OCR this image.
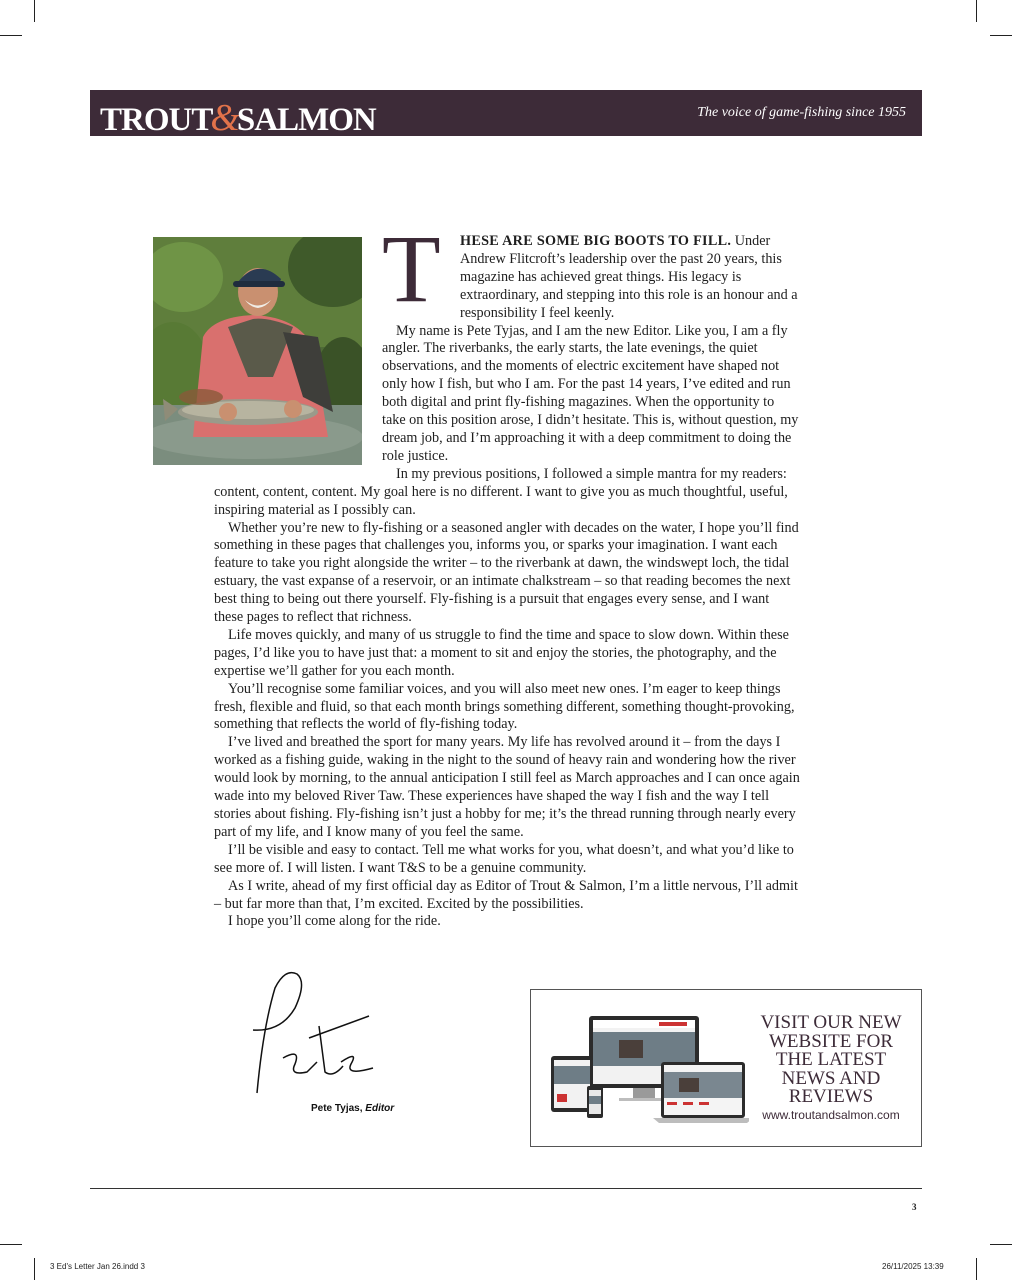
TROUT&SALMON	The voice of game-fishing since 1955

T	HESE ARE SOME BIG BOOTS TO FILL. Under Andrew Flitcroft’s leadership over the past 20 years, this magazine has achieved great things. His legacy is extraordinary, and stepping into this role is an honour and a responsibility I feel keenly.

My name is Pete Tyjas, and I am the new Editor. Like you, I am a fly angler. The riverbanks, the early starts, the late evenings, the quiet observations, and the moments of electric excitement have shaped not only how I fish, but who I am. For the past 14 years, I’ve edited and run both digital and print fly-fishing magazines. When the opportunity to take on this position arose, I didn’t hesitate. This is, without question, my dream job, and I’m approaching it with a deep commitment to doing the role justice.

In my previous positions, I followed a simple mantra for my readers: content, content, content. My goal here is no different. I want to give you as much thoughtful, useful, inspiring material as I possibly can.

Whether you’re new to fly-fishing or a seasoned angler with decades on the water, I hope you’ll find something in these pages that challenges you, informs you, or sparks your imagination. I want each feature to take you right alongside the writer – to the riverbank at dawn, the windswept loch, the tidal estuary, the vast expanse of a reservoir, or an intimate chalkstream – so that reading becomes the next best thing to being out there yourself. Fly-fishing is a pursuit that engages every sense, and I want these pages to reflect that richness.

Life moves quickly, and many of us struggle to find the time and space to slow down. Within these pages, I’d like you to have just that: a moment to sit and enjoy the stories, the photography, and the expertise we’ll gather for you each month.

You’ll recognise some familiar voices, and you will also meet new ones. I’m eager to keep things fresh, flexible and fluid, so that each month brings something different, something thought-provoking, something that reflects the world of fly-fishing today.

I’ve lived and breathed the sport for many years. My life has revolved around it – from the days I worked as a fishing guide, waking in the night to the sound of heavy rain and wondering how the river would look by morning, to the annual anticipation I still feel as March approaches and I can once again wade into my beloved River Taw. These experiences have shaped the way I fish and the way I tell stories about fishing. Fly-fishing isn’t just a hobby for me; it’s the thread running through nearly every part of my life, and I know many of you feel the same.

I’ll be visible and easy to contact. Tell me what works for you, what doesn’t, and what you’d like to see more of. I will listen. I want T&S to be a genuine community.

As I write, ahead of my first official day as Editor of Trout & Salmon, I’m a little nervous, I’ll admit – but far more than that, I’m excited. Excited by the possibilities.

I hope you’ll come along for the ride.

Pete Tyjas, Editor
VISIT OUR NEW WEBSITE FOR THE LATEST NEWS AND REVIEWS
www.troutandsalmon.com
3
3 Ed's Letter Jan 26.indd 3	26/11/2025 13:39
